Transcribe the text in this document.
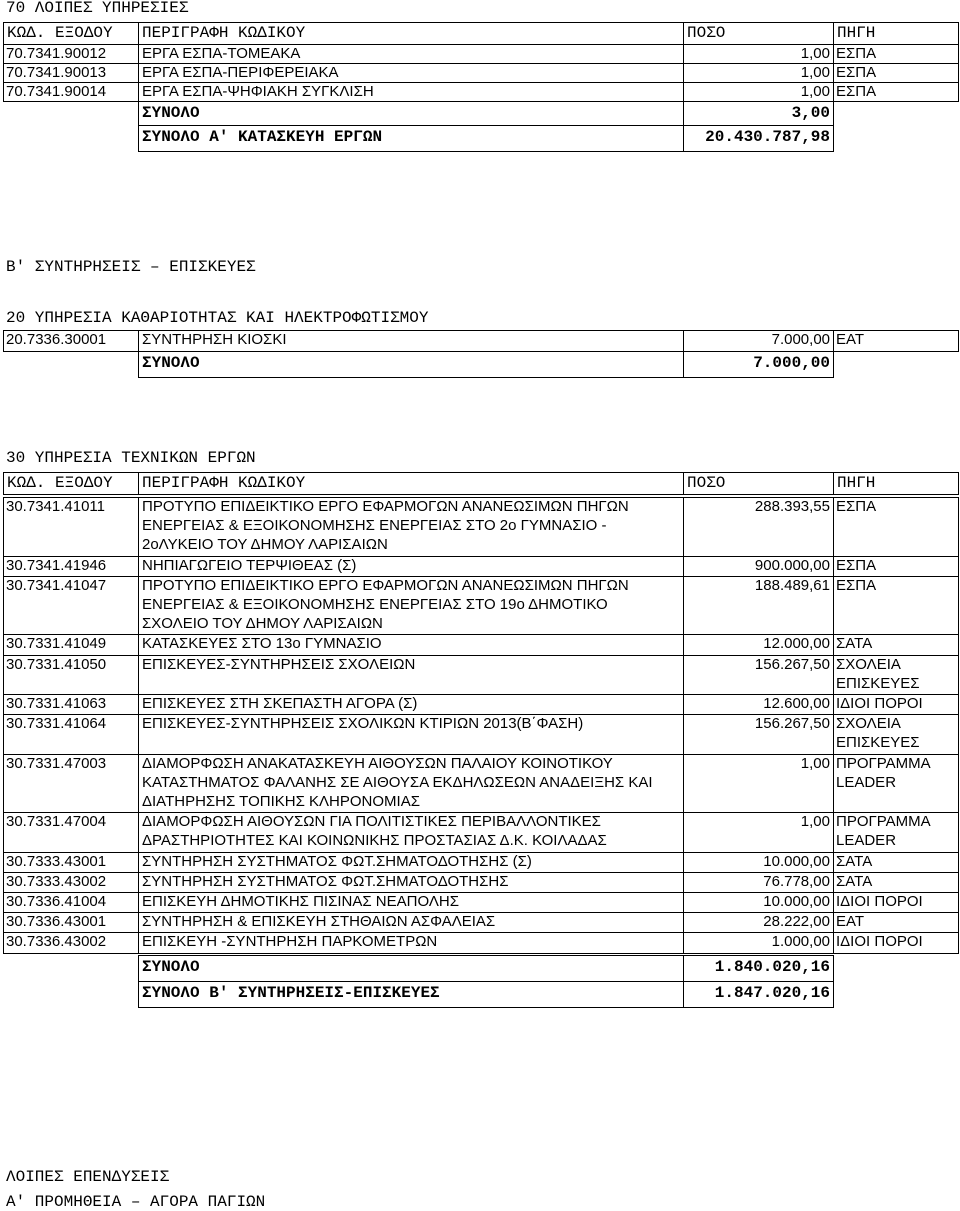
70 ΛΟΙΠΕΣ ΥΠΗΡΕΣΙΕΣ
ΚΩΔ. ΕΞΟΔΟΥ ΠΕΡΙΓΡΑΦΗ ΚΩΔΙΚΟΥ	ΠΟΣΟ	ΠΗΓΗ
70.7341.90012 ΕΡΓΑ ΕΣΠΑ-ΤΟΜΕΑΚΑ	1,00 ΕΣΠΑ
70.7341.90013 ΕΡΓΑ ΕΣΠΑ-ΠΕΡΙΦΕΡΕΙΑΚΑ	1,00 ΕΣΠΑ
70.7341.90014 ΕΡΓΑ ΕΣΠΑ-ΨΗΦΙΑΚΗ ΣΥΓΚΛΙΣΗ	1,00 ΕΣΠΑ
ΣΥΝΟΛΟ	3,00
ΣΥΝΟΛΟ Α' ΚΑΤΑΣΚΕΥΗ ΕΡΓΩΝ	20.430.787,98
Β' ΣΥΝΤΗΡΗΣΕΙΣ – ΕΠΙΣΚΕΥΕΣ
20 ΥΠΗΡΕΣΙΑ ΚΑΘΑΡΙΟΤΗΤΑΣ ΚΑΙ ΗΛΕΚΤΡΟΦΩΤΙΣΜΟΥ
20.7336.30001 ΣΥΝΤΗΡΗΣΗ ΚΙΟΣΚΙ	7.000,00 ΕΑΤ
ΣΥΝΟΛΟ	7.000,00
30 ΥΠΗΡΕΣΙΑ ΤΕΧΝΙΚΩΝ ΕΡΓΩΝ
ΚΩΔ. ΕΞΟΔΟΥ ΠΕΡΙΓΡΑΦΗ ΚΩΔΙΚΟΥ	ΠΟΣΟ	ΠΗΓΗ
30.7341.41011 ΠΡΟΤΥΠΟ ΕΠΙΔΕΙΚΤΙΚΟ ΕΡΓΟ ΕΦΑΡΜΟΓΩΝ ΑΝΑΝΕΩΣΙΜΩΝ ΠΗΓΩΝ
ΕΝΕΡΓΕΙΑΣ & ΕΞΟΙΚΟΝΟΜΗΣΗΣ ΕΝΕΡΓΕΙΑΣ ΣΤΟ 2ο ΓΥΜΝΑΣΙΟ -
2οΛΥΚΕΙΟ ΤΟΥ ΔΗΜΟΥ ΛΑΡΙΣΑΙΩΝ
288.393,55 ΕΣΠΑ
30.7341.41946 ΝΗΠΙΑΓΩΓΕΙΟ ΤΕΡΨΙΘΕΑΣ (Σ)	900.000,00 ΕΣΠΑ
30.7341.41047 ΠΡΟΤΥΠΟ ΕΠΙΔΕΙΚΤΙΚΟ ΕΡΓΟ ΕΦΑΡΜΟΓΩΝ ΑΝΑΝΕΩΣΙΜΩΝ ΠΗΓΩΝ
ΕΝΕΡΓΕΙΑΣ & ΕΞΟΙΚΟΝΟΜΗΣΗΣ ΕΝΕΡΓΕΙΑΣ ΣΤΟ 19ο ΔΗΜΟΤΙΚΟ
ΣΧΟΛΕΙΟ ΤΟΥ ΔΗΜΟΥ ΛΑΡΙΣΑΙΩΝ
188.489,61 ΕΣΠΑ
30.7331.41049 ΚΑΤΑΣΚΕΥΕΣ ΣΤΟ 13ο ΓΥΜΝΑΣΙΟ	12.000,00 ΣΑΤΑ
30.7331.41050 ΕΠΙΣΚΕΥΕΣ-ΣΥΝΤΗΡΗΣΕΙΣ ΣΧΟΛΕΙΩΝ	156.267,50 ΣΧΟΛΕΙΑ
ΕΠΙΣΚΕΥΕΣ
30.7331.41063 ΕΠΙΣΚΕΥΕΣ ΣΤΗ ΣΚΕΠΑΣΤΗ ΑΓΟΡΑ (Σ)	12.600,00 ΙΔΙΟΙ ΠΟΡΟΙ
30.7331.41064 ΕΠΙΣΚΕΥΕΣ-ΣΥΝΤΗΡΗΣΕΙΣ ΣΧΟΛΙΚΩΝ ΚΤΙΡΙΩΝ 2013(Β΄ΦΑΣΗ)	156.267,50 ΣΧΟΛΕΙΑ
ΕΠΙΣΚΕΥΕΣ
30.7331.47003 ΔΙΑΜΟΡΦΩΣΗ ΑΝΑΚΑΤΑΣΚΕΥΗ ΑΙΘΟΥΣΩΝ ΠΑΛΑΙΟΥ ΚΟΙΝΟΤΙΚΟΥ
ΚΑΤΑΣΤΗΜΑΤΟΣ ΦΑΛΑΝΗΣ ΣΕ ΑΙΘΟΥΣΑ ΕΚΔΗΛΩΣΕΩΝ ΑΝΑΔΕΙΞΗΣ ΚΑΙ
ΔΙΑΤΗΡΗΣΗΣ ΤΟΠΙΚΗΣ ΚΛΗΡΟΝΟΜΙΑΣ
1,00 ΠΡΟΓΡΑΜΜΑ
LEADER
30.7331.47004 ΔΙΑΜΟΡΦΩΣΗ ΑΙΘΟΥΣΩΝ ΓΙΑ ΠΟΛΙΤΙΣΤΙΚΕΣ ΠΕΡΙΒΑΛΛΟΝΤΙΚΕΣ
ΔΡΑΣΤΗΡΙΟΤΗΤΕΣ ΚΑΙ ΚΟΙΝΩΝΙΚΗΣ ΠΡΟΣΤΑΣΙΑΣ Δ.Κ. ΚΟΙΛΑΔΑΣ
1,00 ΠΡΟΓΡΑΜΜΑ
LEADER
30.7333.43001 ΣΥΝΤΗΡΗΣΗ ΣΥΣΤΗΜΑΤΟΣ ΦΩΤ.ΣΗΜΑΤΟΔΟΤΗΣΗΣ (Σ)	10.000,00 ΣΑΤΑ
30.7333.43002 ΣΥΝΤΗΡΗΣΗ ΣΥΣΤΗΜΑΤΟΣ ΦΩΤ.ΣΗΜΑΤΟΔΟΤΗΣΗΣ	76.778,00 ΣΑΤΑ
30.7336.41004 ΕΠΙΣΚΕΥΗ ΔΗΜΟΤΙΚΗΣ ΠΙΣΙΝΑΣ ΝΕΑΠΟΛΗΣ	10.000,00 ΙΔΙΟΙ ΠΟΡΟΙ
30.7336.43001 ΣΥΝΤΗΡΗΣΗ & ΕΠΙΣΚΕΥΗ ΣΤΗΘΑΙΩΝ ΑΣΦΑΛΕΙΑΣ	28.222,00 ΕΑΤ
30.7336.43002 ΕΠΙΣΚΕΥΗ -ΣΥΝΤΗΡΗΣΗ ΠΑΡΚΟΜΕΤΡΩΝ	1.000,00 ΙΔΙΟΙ ΠΟΡΟΙ
ΣΥΝΟΛΟ	1.840.020,16
ΣΥΝΟΛΟ Β' ΣΥΝΤΗΡΗΣΕΙΣ-ΕΠΙΣΚΕΥΕΣ	1.847.020,16
ΛΟΙΠΕΣ ΕΠΕΝΔΥΣΕΙΣ
Α' ΠΡΟΜΗΘΕΙΑ – ΑΓΟΡΑ ΠΑΓΙΩΝ
